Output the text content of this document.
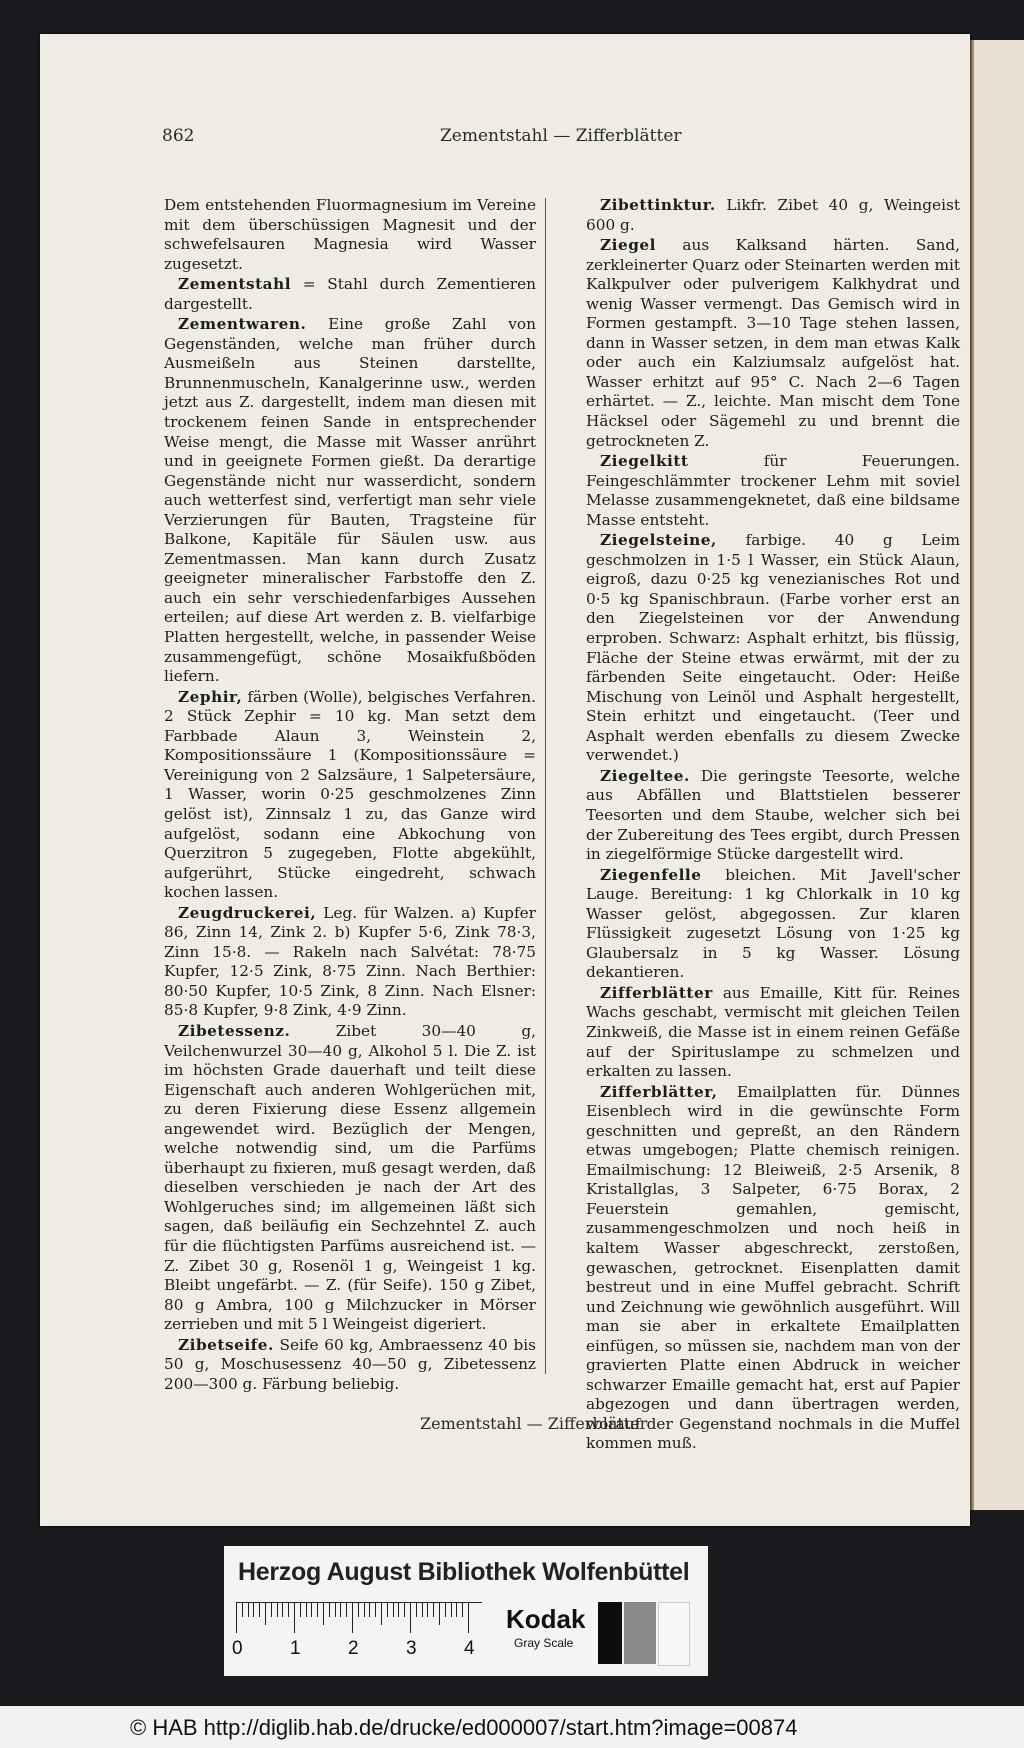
862	Zementstahl — Zifferblätter
Dem entstehenden Fluormagnesium im Vereine mit dem überschüssigen Magnesit und der schwefelsauren Magnesia wird Wasser zugesetzt.
Zementstahl = Stahl durch Zementieren dargestellt.
Zementwaren. Eine große Zahl von Gegenständen, welche man früher durch Ausmeißeln aus Steinen darstellte, Brunnenmuscheln, Kanalgerinne usw., werden jetzt aus Z. dargestellt, indem man diesen mit trockenem feinen Sande in entsprechender Weise mengt, die Masse mit Wasser anrührt und in geeignete Formen gießt. Da derartige Gegenstände nicht nur wasserdicht, sondern auch wetterfest sind, verfertigt man sehr viele Verzierungen für Bauten, Tragsteine für Balkone, Kapitäle für Säulen usw. aus Zementmassen. Man kann durch Zusatz geeigneter mineralischer Farbstoffe den Z. auch ein sehr verschiedenfarbiges Aussehen erteilen; auf diese Art werden z. B. vielfarbige Platten hergestellt, welche, in passender Weise zusammengefügt, schöne Mosaikfußböden liefern.
Zephir, färben (Wolle), belgisches Verfahren. 2 Stück Zephir = 10 kg. Man setzt dem Farbbade Alaun 3, Weinstein 2, Kompositionssäure 1 (Kompositionssäure = Vereinigung von 2 Salzsäure, 1 Salpetersäure, 1 Wasser, worin 0·25 geschmolzenes Zinn gelöst ist), Zinnsalz 1 zu, das Ganze wird aufgelöst, sodann eine Abkochung von Querzitron 5 zugegeben, Flotte abgekühlt, aufgerührt, Stücke eingedreht, schwach kochen lassen.
Zeugdruckerei, Leg. für Walzen. a) Kupfer 86, Zinn 14, Zink 2. b) Kupfer 5·6, Zink 78·3, Zinn 15·8. — Rakeln nach Salvétat: 78·75 Kupfer, 12·5 Zink, 8·75 Zinn. Nach Berthier: 80·50 Kupfer, 10·5 Zink, 8 Zinn. Nach Elsner: 85·8 Kupfer, 9·8 Zink, 4·9 Zinn.
Zibetessenz.	Zibet 30—40 g, Veilchenwurzel 30—40 g, Alkohol 5 l. Die Z. ist im höchsten Grade dauerhaft und teilt diese Eigenschaft auch anderen Wohlgerüchen mit, zu deren Fixierung diese Essenz allgemein angewendet wird. Bezüglich der Mengen, welche notwendig sind, um die Parfüms überhaupt zu fixieren, muß gesagt werden, daß dieselben verschieden je nach der Art des Wohlgeruches sind; im allgemeinen läßt sich sagen, daß beiläufig ein Sechzehntel Z. auch für die flüchtigsten Parfüms ausreichend ist. — Z. Zibet 30 g, Rosenöl 1 g, Weingeist 1 kg. Bleibt ungefärbt. — Z. (für Seife). 150 g Zibet, 80 g Ambra, 100 g Milchzucker in Mörser zerrieben und mit 5 l Weingeist digeriert.
Zibetseife. Seife 60 kg, Ambraessenz 40 bis 50 g, Moschusessenz 40—50 g, Zibetessenz 200—300 g. Färbung beliebig.
Zibettinktur. Likfr. Zibet 40 g, Weingeist 600 g.
Ziegel aus Kalksand härten. Sand, zerkleinerter Quarz oder Steinarten werden mit Kalkpulver oder pulverigem Kalkhydrat und wenig Wasser vermengt. Das Gemisch wird in Formen gestampft. 3—10 Tage stehen lassen, dann in Wasser setzen, in dem man etwas Kalk oder auch ein Kalziumsalz aufgelöst hat. Wasser erhitzt auf 95° C. Nach 2—6 Tagen erhärtet. — Z., leichte. Man mischt dem Tone Häcksel oder Sägemehl zu und brennt die getrockneten Z.
Ziegelkitt	für Feuerungen. Feingeschlämmter trockener Lehm mit soviel Melasse zusammengeknetet, daß eine bildsame Masse entsteht.
Ziegelsteine, farbige. 40 g Leim geschmolzen in 1·5 l Wasser, ein Stück Alaun, eigroß, dazu 0·25 kg venezianisches Rot und 0·5 kg Spanischbraun. (Farbe vorher erst an den Ziegelsteinen vor der Anwendung erproben. Schwarz: Asphalt erhitzt, bis flüssig, Fläche der Steine etwas erwärmt, mit der zu färbenden Seite eingetaucht. Oder: Heiße Mischung von Leinöl und Asphalt hergestellt, Stein erhitzt und eingetaucht. (Teer und Asphalt werden ebenfalls zu diesem Zwecke verwendet.)
Ziegeltee. Die geringste Teesorte, welche aus Abfällen und Blattstielen besserer Teesorten und dem Staube, welcher sich bei der Zubereitung des Tees ergibt, durch Pressen in ziegelförmige Stücke dargestellt wird.
Ziegenfelle bleichen. Mit Javell'scher Lauge. Bereitung: 1 kg Chlorkalk in 10 kg Wasser gelöst, abgegossen. Zur klaren Flüssigkeit zugesetzt Lösung von 1·25 kg Glaubersalz in 5 kg Wasser. Lösung dekantieren.
Zifferblätter aus Emaille, Kitt für. Reines Wachs geschabt, vermischt mit gleichen Teilen Zinkweiß, die Masse ist in einem reinen Gefäße auf der Spirituslampe zu schmelzen und erkalten zu lassen.
Zifferblätter, Emailplatten für. Dünnes Eisenblech wird in die gewünschte Form geschnitten und gepreßt, an den Rändern etwas umgebogen; Platte chemisch reinigen. Emailmischung: 12 Bleiweiß, 2·5 Arsenik, 8 Kristallglas, 3 Salpeter, 6·75 Borax, 2 Feuerstein gemahlen, gemischt, zusammengeschmolzen und noch heiß in kaltem Wasser abgeschreckt, zerstoßen, gewaschen, getrocknet. Eisenplatten damit bestreut und in eine Muffel gebracht. Schrift und Zeichnung wie gewöhnlich ausgeführt. Will man sie aber in erkaltete Emailplatten einfügen, so müssen sie, nachdem man von der gravierten Platte einen Abdruck in weicher schwarzer Emaille gemacht hat, erst auf Papier abgezogen und dann übertragen werden, worauf der Gegenstand nochmals in die Muffel kommen muß.
Zementstahl — Zifferblätter
Herzog August Bibliothek Wolfenbüttel
0 1 2 3 4
Kodak
Gray Scale
© HAB http://diglib.hab.de/drucke/ed000007/start.htm?image=00874
